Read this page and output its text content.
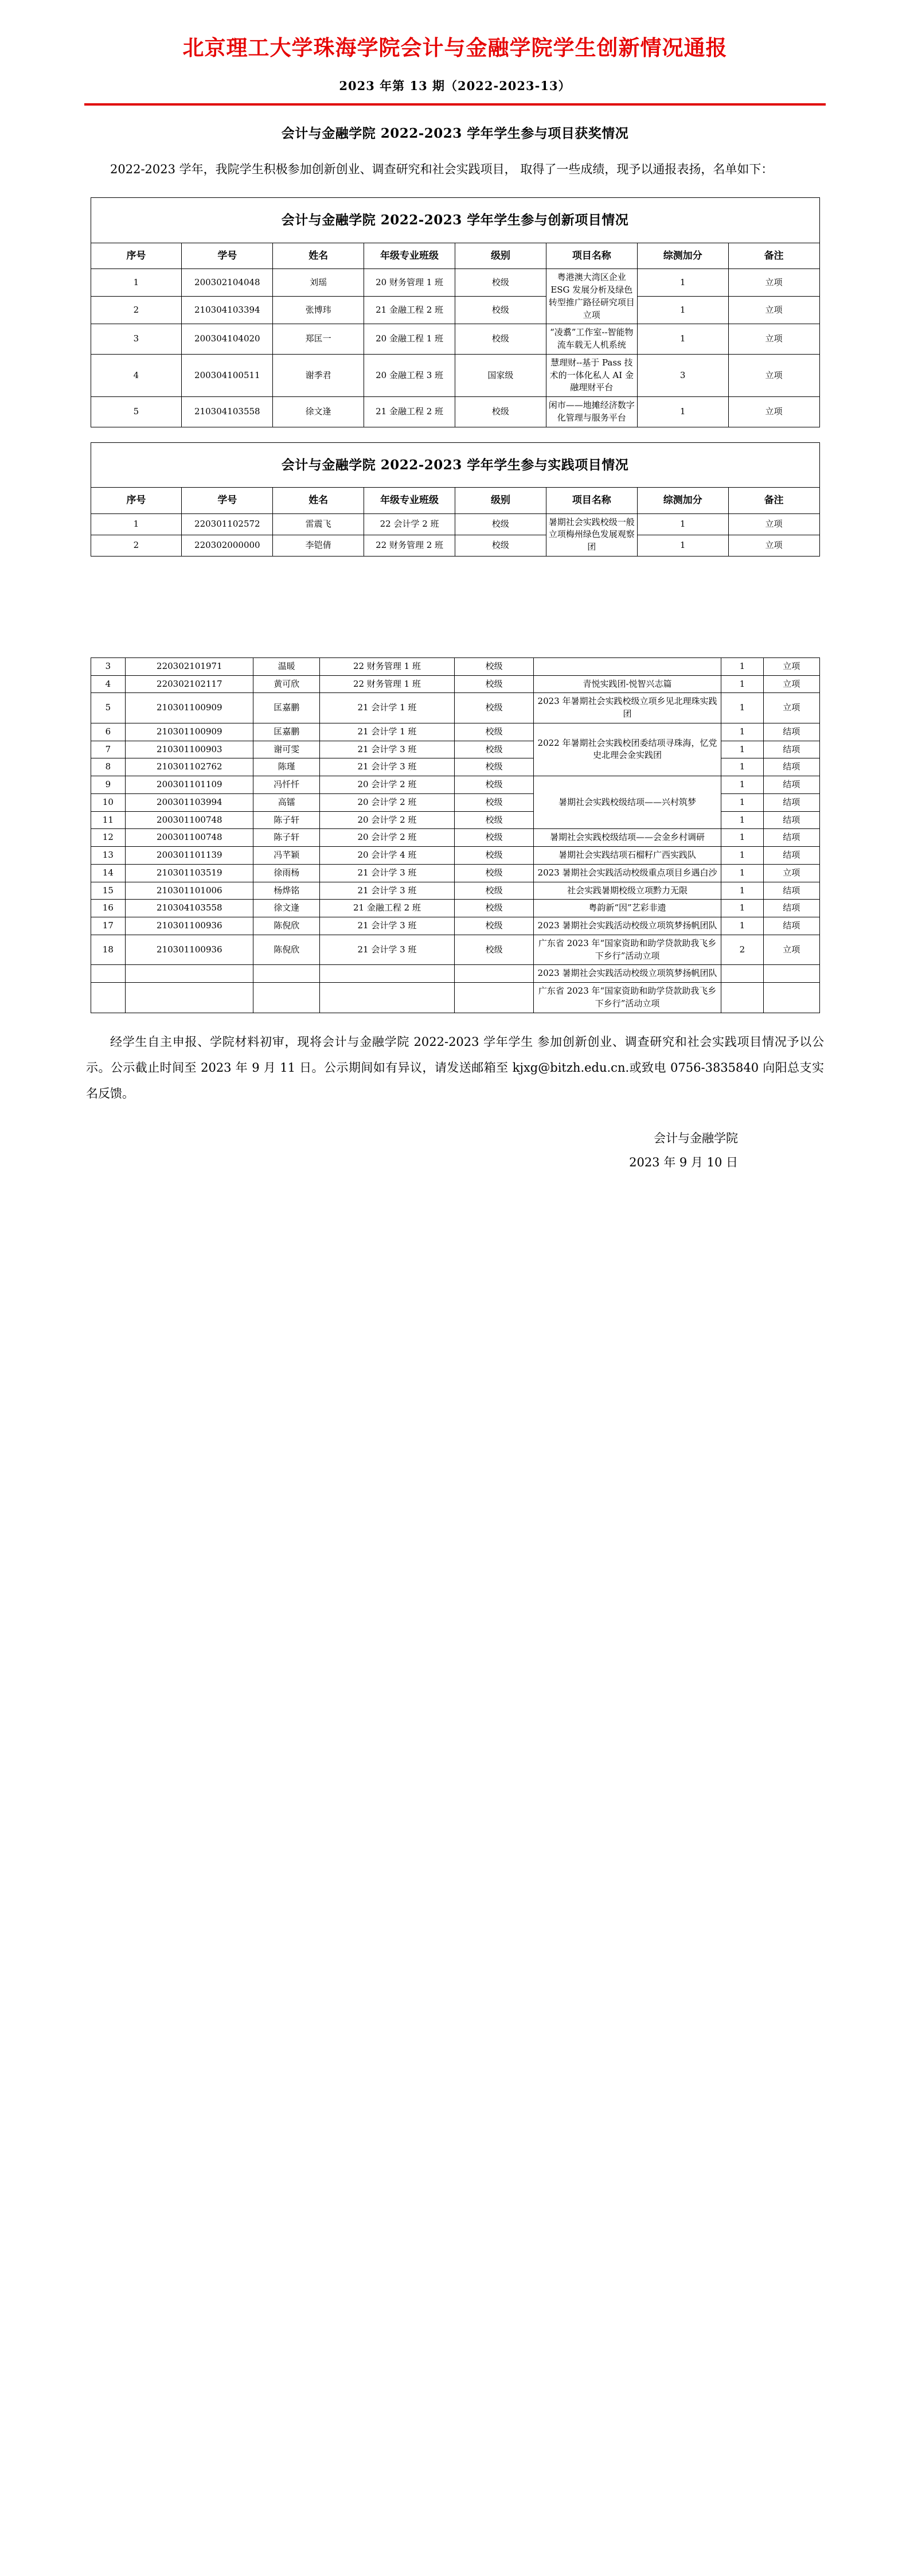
北京理工大学珠海学院会计与金融学院学生创新情况通报
2023 年第 13 期（2022-2023-13）
会计与金融学院 2022-2023 学年学生参与项目获奖情况
2022-2023 学年，我院学生积极参加创新创业、调查研究和社会实践项目， 取得了一些成绩，现予以通报表扬，名单如下：
会计与金融学院 2022-2023 学年学生参与创新项目情况							
序号	学号	姓名	年级专业班级	级别	项目名称	综测加分	备注
1	200302104048	刘瑶	20 财务管理 1 班	校级	粤港澳大湾区企业 ESG 发展分析及绿色转型推广路径研究项目立项	1	立项
2	210304103394	张博玮	21 金融工程 2 班	校级		1	立项
3	200304104020	郑匡一	20 金融工程 1 班	校级	“凌翥”工作室--智能物流车载无人机系统	1	立项
4	200304100511	谢季君	20 金融工程 3 班	国家级	慧理财--基于 Pass 技术的一体化私人 AI 金融理财平台	3	立项
5	210304103558	徐文逢	21 金融工程 2 班	校级	闲市——地摊经济数字化管理与服务平台	1	立项
会计与金融学院 2022-2023 学年学生参与实践项目情况							
序号	学号	姓名	年级专业班级	级别	项目名称	综测加分	备注
1	220301102572	雷震飞	22 会计学 2 班	校级	暑期社会实践校级一般立项梅州绿色发展观察团	1	立项
2	220302000000	李铠倩	22 财务管理 2 班	校级		1	立项
3	220302101971	温暖	22 财务管理 1 班	校级		1	立项
4	220302102117	黄可欣	22 财务管理 1 班	校级	青悦实践团-悦智兴志篇	1	立项
5	210301100909	匡嘉鹏	21 会计学 1 班	校级	2023 年暑期社会实践校级立项乡见北理珠实践团	1	立项
6	210301100909	匡嘉鹏	21 会计学 1 班	校级	2022 年暑期社会实践校团委结项寻珠海，忆党史北理会金实践团	1	结项
7	210301100903	谢可雯	21 会计学 3 班	校级		1	结项
8	210301102762	陈瑾	21 会计学 3 班	校级		1	结项
9	200301101109	冯忏忏	20 会计学 2 班	校级	暑期社会实践校级结项——兴村筑梦	1	结项
10	200301103994	高镭	20 会计学 2 班	校级		1	结项
11	200301100748	陈子轩	20 会计学 2 班	校级		1	结项
12	200301100748	陈子轩	20 会计学 2 班	校级	暑期社会实践校级结项——会金乡村调研	1	结项
13	200301101139	冯芊颖	20 会计学 4 班	校级	暑期社会实践结项石榴籽广西实践队	1	结项
14	210301103519	徐雨杨	21 会计学 3 班	校级	2023 暑期社会实践活动校级重点项目乡遇白沙	1	立项
15	210301101006	杨烨铭	21 会计学 3 班	校级	社会实践暑期校级立项黔力无限	1	结项
16	210304103558	徐文逢	21 金融工程 2 班	校级	粤韵新“因”艺彩非遗	1	结项
17	210301100936	陈倪欣	21 会计学 3 班	校级	2023 暑期社会实践活动校级立项筑梦扬帆团队	1	结项
18	210301100936	陈倪欣	21 会计学 3 班	校级	广东省 2023 年“国家资助和助学贷款助我飞乡下乡行”活动立项	2	立项
					2023 暑期社会实践活动校级立项筑梦扬帆团队		
					广东省 2023 年“国家资助和助学贷款助我飞乡下乡行”活动立项		
经学生自主申报、学院材料初审，现将会计与金融学院 2022-2023 学年学生 参加创新创业、调查研究和社会实践项目情况予以公示。公示截止时间至 2023 年 9 月 11 日。公示期间如有异议，请发送邮箱至 kjxg@bitzh.edu.cn.或致电 0756-3835840 向阳总支实名反馈。
会计与金融学院
2023 年 9 月 10 日
